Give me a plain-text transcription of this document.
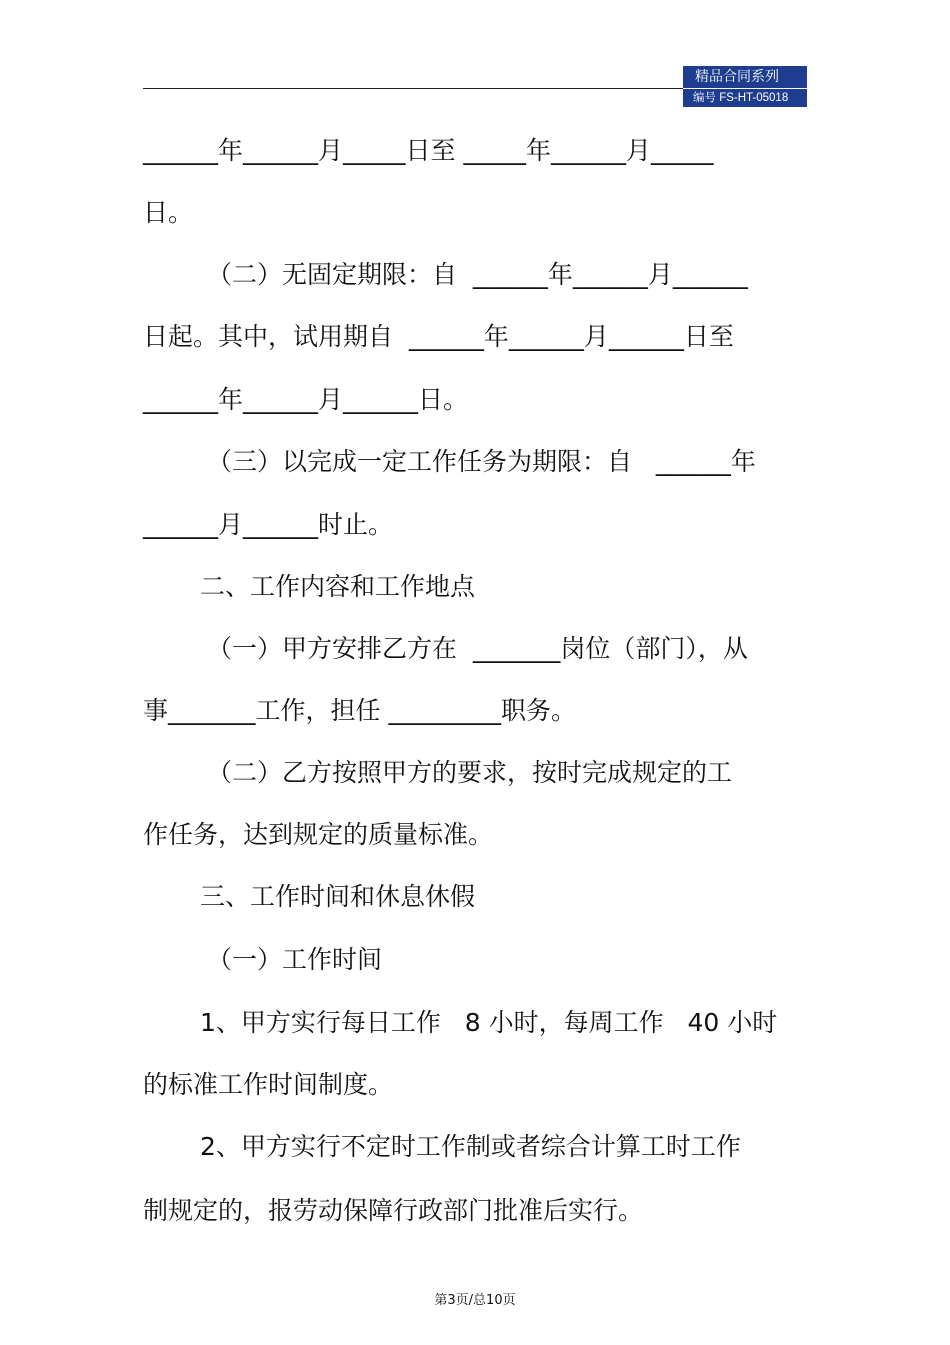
精品合同系列
编号 FS-HT-05018
______年______月_____日至 _____年______月_____
日。
（二）无固定期限：自  ______年______月______
日起。其中，试用期自  ______年______月______日至
______年______月______日。
（三）以完成一定工作任务为期限：自   ______年
______月______时止。
二、工作内容和工作地点
（一）甲方安排乙方在  _______岗位（部门），从
事_______工作，担任 _________职务。
（二）乙方按照甲方的要求，按时完成规定的工
作任务，达到规定的质量标准。
三、工作时间和休息休假
（一）工作时间
1、甲方实行每日工作   8 小时，每周工作   40 小时
的标准工作时间制度。
2、甲方实行不定时工作制或者综合计算工时工作
制规定的，报劳动保障行政部门批准后实行。
第3页/总10页
